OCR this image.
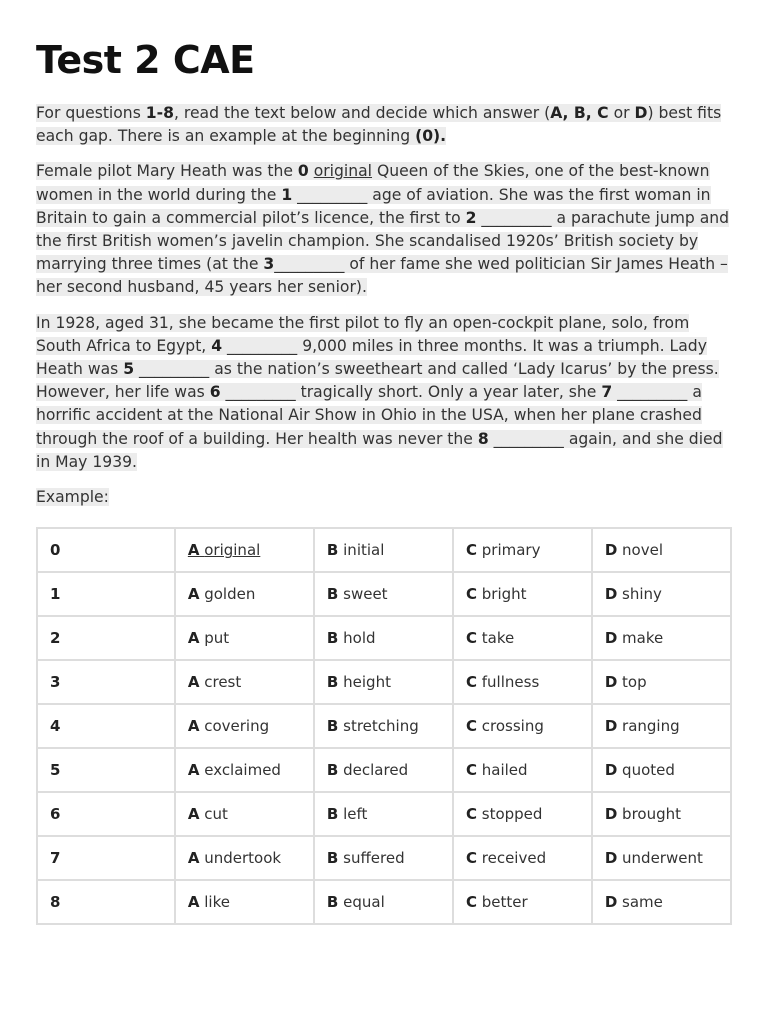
Test 2 CAE

For questions 1-8, read the text below and decide which answer (A, B, C or D) best fits each gap. There is an example at the beginning (0).

Female pilot Mary Heath was the 0 original Queen of the Skies, one of the best-known women in the world during the 1 _________ age of aviation. She was the first woman in Britain to gain a commercial pilot’s licence, the first to 2 _________ a parachute jump and the first British women’s javelin champion. She scandalised 1920s’ British society by marrying three times (at the 3_________ of her fame she wed politician Sir James Heath – her second husband, 45 years her senior).

In 1928, aged 31, she became the first pilot to fly an open-cockpit plane, solo, from South Africa to Egypt, 4 _________ 9,000 miles in three months. It was a triumph. Lady Heath was 5 _________ as the nation’s sweetheart and called ‘Lady Icarus’ by the press. However, her life was 6 _________ tragically short. Only a year later, she 7 _________ a horrific accident at the National Air Show in Ohio in the USA, when her plane crashed through the roof of a building. Her health was never the 8 _________ again, and she died in May 1939.

Example:

0	A original	B initial	C primary	D novel
1	A golden	B sweet	C bright	D shiny
2	A put	B hold	C take	D make
3	A crest	B height	C fullness	D top
4	A covering	B stretching	C crossing	D ranging
5	A exclaimed	B declared	C hailed	D quoted
6	A cut	B left	C stopped	D brought
7	A undertook	B suffered	C received	D underwent
8	A like	B equal	C better	D same
